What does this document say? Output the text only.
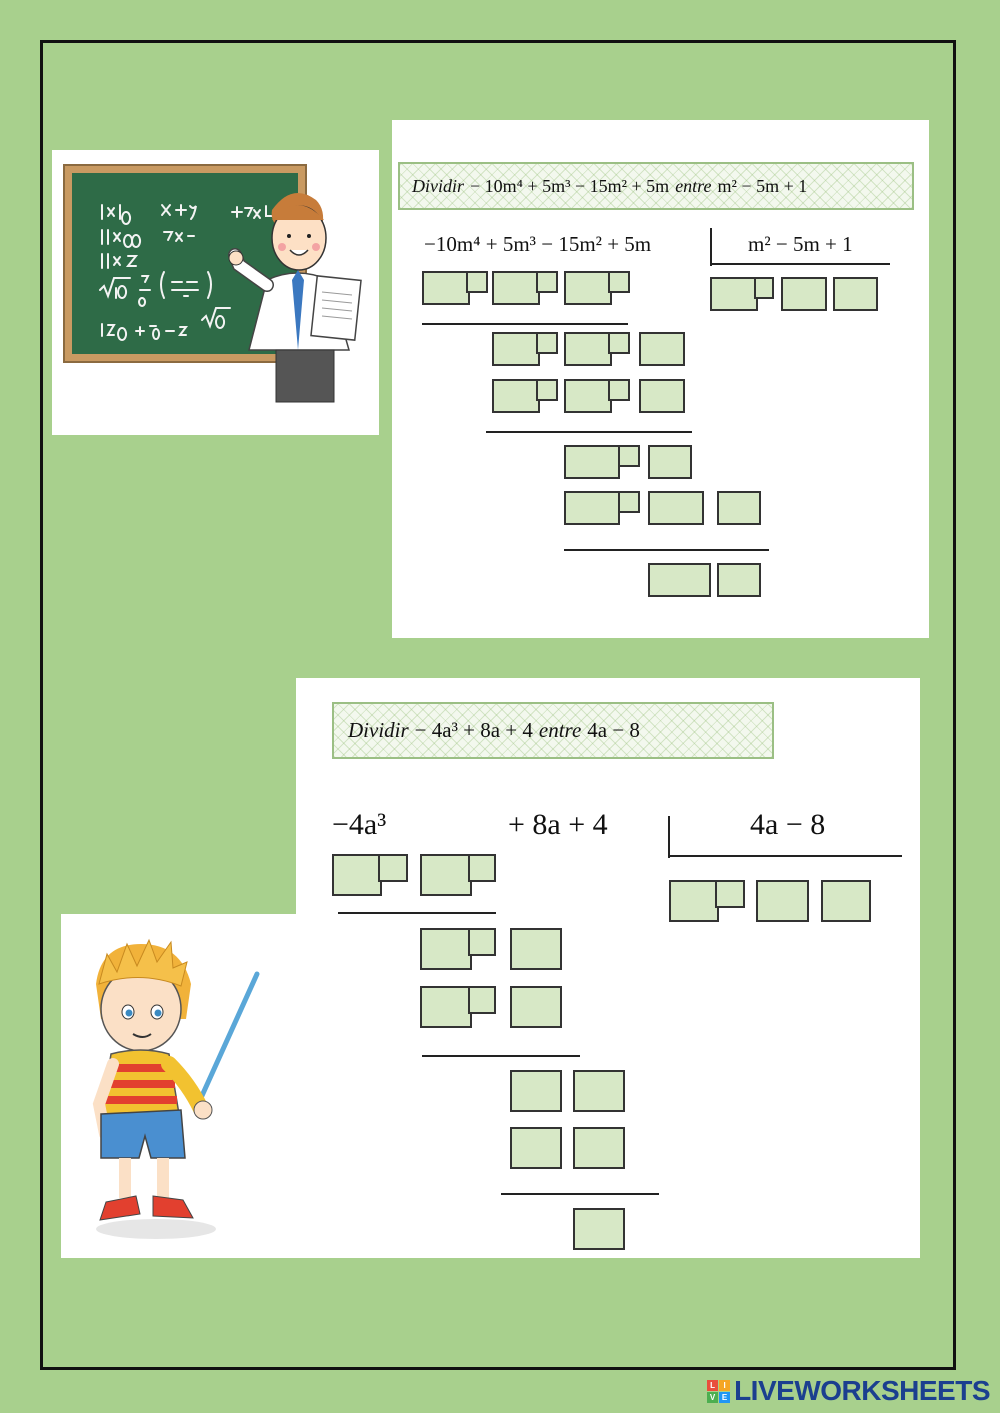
Dividir − 10m⁴ + 5m³ − 15m² + 5m entre m² − 5m + 1
−10m⁴ + 5m³ − 15m² + 5m	m² − 5m + 1
Dividir − 4a³ + 8a + 4 entre 4a − 8
−4a³	+ 8a + 4	4a − 8
L	I
V E LIVEWORKSHEETS
